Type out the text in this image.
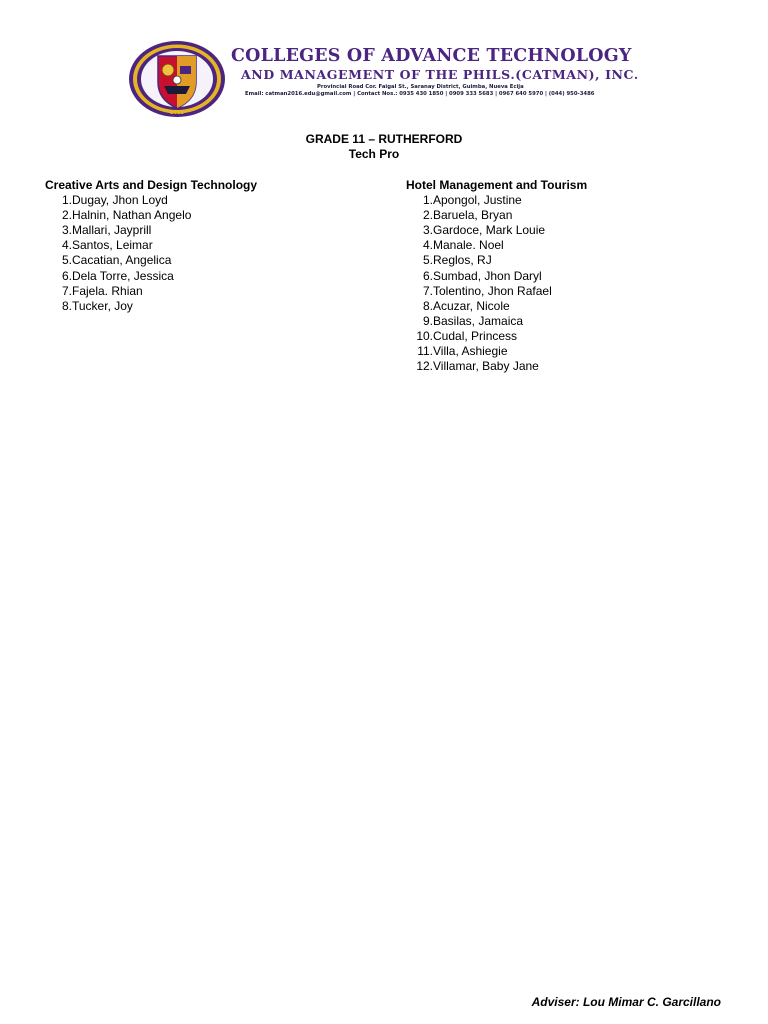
2012
COLLEGES OF ADVANCE TECHNOLOGY
AND MANAGEMENT OF THE PHILS.(CATMAN), INC.
Provincial Road Cor. Faigal St., Saranay District, Guimba, Nueva Ecija
Email: catman2016.edu@gmail.com | Contact Nos.: 0935 430 1850 | 0909 333 5683 | 0967 640 5970 | (044) 950-3486
GRADE 11 – RUTHERFORD
Tech Pro
Creative Arts and Design Technology
1.Dugay, Jhon Loyd
2.Halnin, Nathan Angelo
3.Mallari, Jayprill
4.Santos, Leimar
5.Cacatian, Angelica
6.Dela Torre, Jessica
7.Fajela. Rhian
8.Tucker, Joy
Hotel Management and Tourism
1.Apongol, Justine
2.Baruela, Bryan
3.Gardoce, Mark Louie
4.Manale. Noel
5.Reglos, RJ
6.Sumbad, Jhon Daryl
7.Tolentino, Jhon Rafael
8.Acuzar, Nicole
9.Basilas, Jamaica
10.Cudal, Princess
11.Villa, Ashiegie
12.Villamar, Baby Jane
Adviser: Lou Mimar C. Garcillano
